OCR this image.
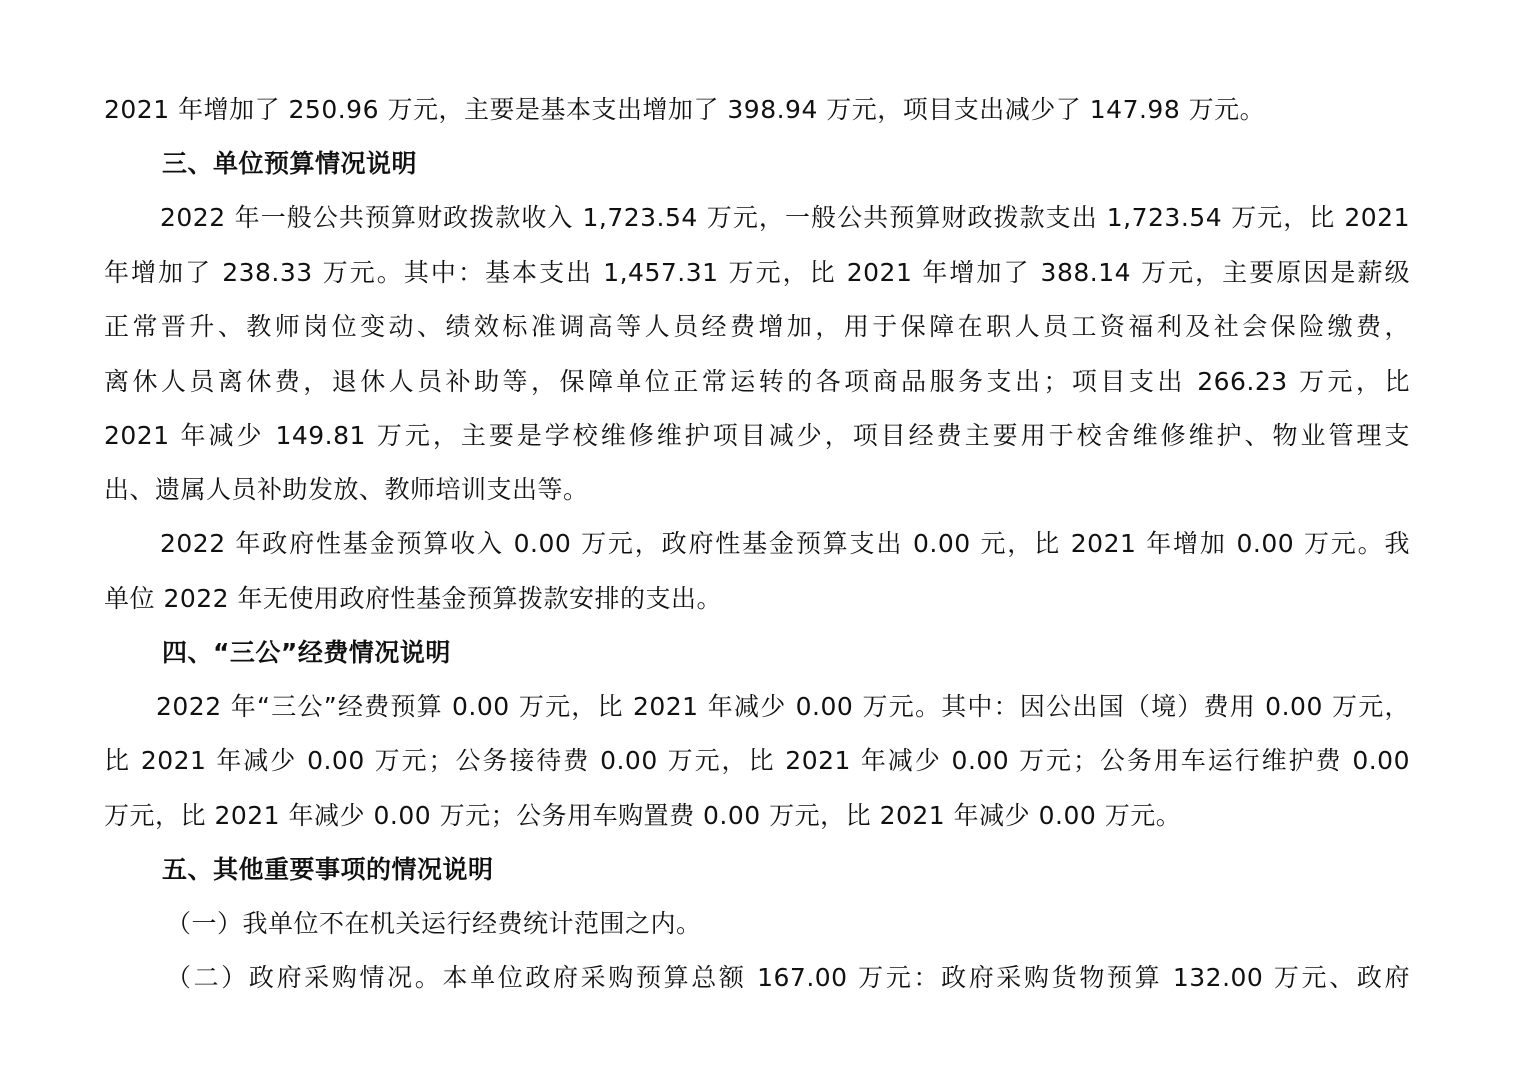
2021 年增加了 250.96 万元，主要是基本支出增加了 398.94 万元，项目支出减少了 147.98 万元。
三、单位预算情况说明
2022 年一般公共预算财政拨款收入 1,723.54 万元，一般公共预算财政拨款支出 1,723.54 万元，比 2021
年增加了 238.33 万元。其中：基本支出 1,457.31 万元，比 2021 年增加了 388.14 万元，主要原因是薪级
正常晋升、教师岗位变动、绩效标准调高等人员经费增加，用于保障在职人员工资福利及社会保险缴费，
离休人员离休费，退休人员补助等，保障单位正常运转的各项商品服务支出；项目支出 266.23 万元，比
2021 年减少 149.81 万元，主要是学校维修维护项目减少，项目经费主要用于校舍维修维护、物业管理支
出、遗属人员补助发放、教师培训支出等。
2022 年政府性基金预算收入 0.00 万元，政府性基金预算支出 0.00 元，比 2021 年增加 0.00 万元。我
单位 2022 年无使用政府性基金预算拨款安排的支出。
四、“三公”经费情况说明
2022 年“三公”经费预算 0.00 万元，比 2021 年减少 0.00 万元。其中：因公出国（境）费用 0.00 万元，
比 2021 年减少 0.00 万元；公务接待费 0.00 万元，比 2021 年减少 0.00 万元；公务用车运行维护费 0.00
万元，比 2021 年减少 0.00 万元；公务用车购置费 0.00 万元，比 2021 年减少 0.00 万元。
五、其他重要事项的情况说明
（一）我单位不在机关运行经费统计范围之内。
（二）政府采购情况。本单位政府采购预算总额 167.00 万元：政府采购货物预算 132.00 万元、政府
